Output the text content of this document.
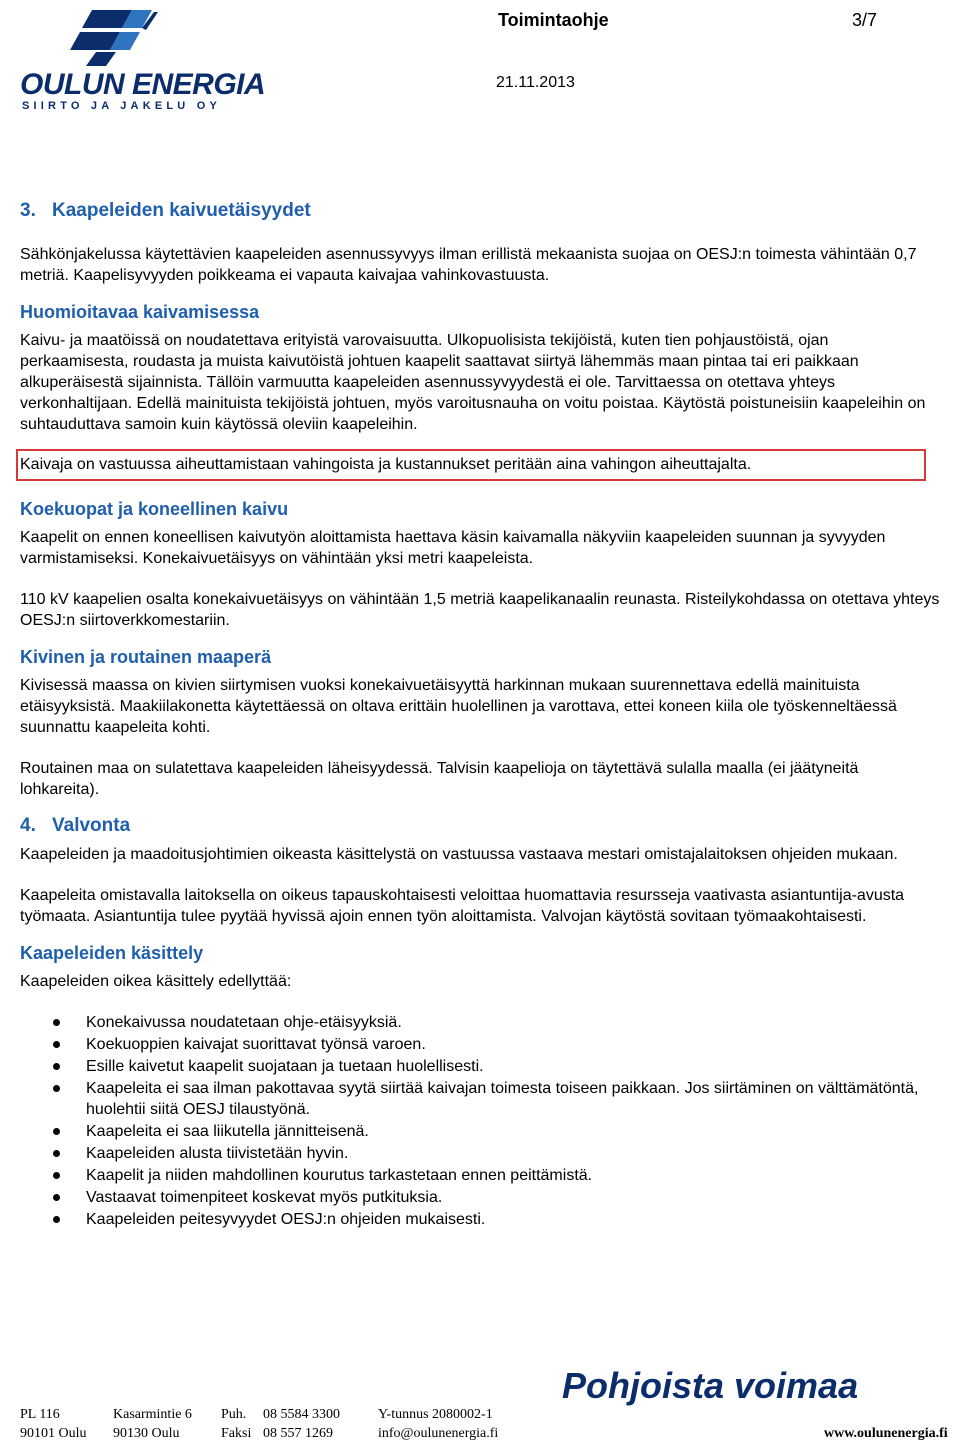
OULUN ENERGIA
SIIRTO JA JAKELU OY
Toimintaohje	3/7
21.11.2013
3. Kaapeleiden kaivuetäisyydet

Sähkönjakelussa käytettävien kaapeleiden asennussyvyys ilman erillistä mekaanista suojaa on OESJ:n toimesta vähintään 0,7 metriä. Kaapelisyvyyden poikkeama ei vapauta kaivajaa vahinkovastuusta.

Huomioitavaa kaivamisessa

Kaivu- ja maatöissä on noudatettava erityistä varovaisuutta. Ulkopuolisista tekijöistä, kuten tien pohjaustöistä, ojan perkaamisesta, roudasta ja muista kaivutöistä johtuen kaapelit saattavat siirtyä lähemmäs maan pintaa tai eri paikkaan alkuperäisestä sijainnista. Tällöin varmuutta kaapeleiden asennussyvyydestä ei ole. Tarvittaessa on otettava yhteys verkonhaltijaan. Edellä mainituista tekijöistä johtuen, myös varoitusnauha on voitu poistaa. Käytöstä poistuneisiin kaapeleihin on suhtauduttava samoin kuin käytössä oleviin kaapeleihin.

Kaivaja on vastuussa aiheuttamistaan vahingoista ja kustannukset peritään aina vahingon aiheuttajalta.
Koekuopat ja koneellinen kaivu

Kaapelit on ennen koneellisen kaivutyön aloittamista haettava käsin kaivamalla näkyviin kaapeleiden suunnan ja syvyyden varmistamiseksi. Konekaivuetäisyys on vähintään yksi metri kaapeleista.

110 kV kaapelien osalta konekaivuetäisyys on vähintään 1,5 metriä kaapelikanaalin reunasta. Risteilykohdassa on otettava yhteys OESJ:n siirtoverkkomestariin.

Kivinen ja routainen maaperä

Kivisessä maassa on kivien siirtymisen vuoksi konekaivuetäisyyttä harkinnan mukaan suurennettava edellä mainituista etäisyyksistä. Maakiilakonetta käytettäessä on oltava erittäin huolellinen ja varottava, ettei koneen kiila ole työskenneltäessä suunnattu kaapeleita kohti.

Routainen maa on sulatettava kaapeleiden läheisyydessä. Talvisin kaapelioja on täytettävä sulalla maalla (ei jäätyneitä lohkareita).

4. Valvonta

Kaapeleiden ja maadoitusjohtimien oikeasta käsittelystä on vastuussa vastaava mestari omistajalaitoksen ohjeiden mukaan.

Kaapeleita omistavalla laitoksella on oikeus tapauskohtaisesti veloittaa huomattavia resursseja vaativasta asiantuntija-avusta työmaata. Asiantuntija tulee pyytää hyvissä ajoin ennen työn aloittamista. Valvojan käytöstä sovitaan työmaakohtaisesti.

Kaapeleiden käsittely

Kaapeleiden oikea käsittely edellyttää:

Konekaivussa noudatetaan ohje-etäisyyksiä.
Koekuoppien kaivajat suorittavat työnsä varoen.
Esille kaivetut kaapelit suojataan ja tuetaan huolellisesti.
Kaapeleita ei saa ilman pakottavaa syytä siirtää kaivajan toimesta toiseen paikkaan. Jos siirtäminen on välttämätöntä, huolehtii siitä OESJ tilaustyönä.
Kaapeleita ei saa liikutella jännitteisenä.
Kaapeleiden alusta tiivistetään hyvin.
Kaapelit ja niiden mahdollinen kourutus tarkastetaan ennen peittämistä.
Vastaavat toimenpiteet koskevat myös putkituksia.
Kaapeleiden peitesyvyydet OESJ:n ohjeiden mukaisesti.
Pohjoista voimaa
PL 116
90101 Oulu
Kasarmintie 6
90130 Oulu
Puh.
Faksi
08 5584 3300
08 557 1269
Y-tunnus 2080002-1
info@oulunenergia.fi	www.oulunenergia.fi
